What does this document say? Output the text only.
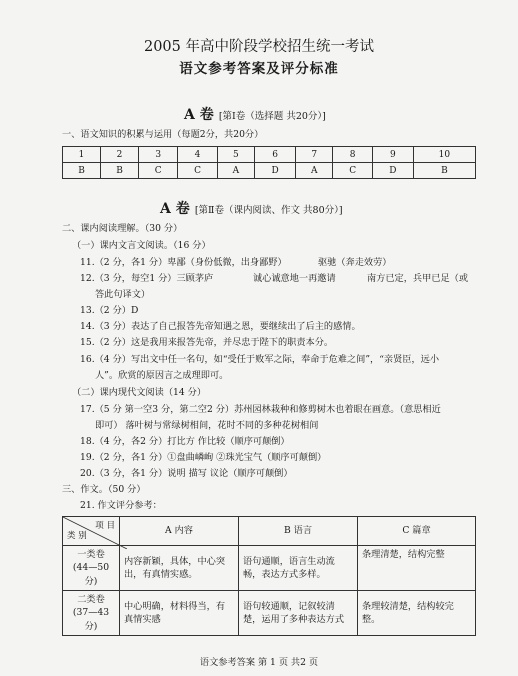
2005 年高中阶段学校招生统一考试
语文参考答案及评分标准
A 卷 [第Ⅰ卷（选择题 共20分）]
一、语文知识的积累与运用（每题2分，共20分）
1	2	3	4	5	6	7	8	9	10
B	B	C	C	A	D	A	C	D	B
A 卷 [第Ⅱ卷（课内阅读、作文 共80分）]
二、课内阅读理解。（30 分）
（一）课内文言文阅读。（16 分）
11.（2 分，各1 分）卑鄙（身份低微，出身鄙野）	驱驰（奔走效劳）
12.（3 分，每空1 分）三顾茅庐	诚心诚意地一再邀请	南方已定，兵甲已足（或
答此句译文）
13.（2 分）D
14.（3 分）表达了自己报答先帝知遇之恩，要继续出了后主的感情。
15.（2 分）这是我用来报答先帝，并尽忠于陛下的职责本分。
16.（4 分）写出文中任一名句，如“受任于败军之际，奉命于危难之间”，“亲贤臣，远小
人”。欣赏的原因言之成理即可。
（二）课内现代文阅读（14 分）
17.（5 分 第一空3 分，第二空2 分）苏州园林栽种和修剪树木也着眼在画意。（意思相近
即可） 落叶树与常绿树相间，花时不同的多种花树相间
18.（4 分，各2 分）打比方 作比较（顺序可颠倒）
19.（2 分，各1 分）①盘曲嶙峋 ②珠光宝气（顺序可颠倒）
20.（3 分，各1 分）说明 描写 议论（顺序可颠倒）
三、作文。（50 分）
21. 作文评分参考：
项 目
类 别	A 内容	B 语言	C 篇章

一类卷
(44—50 分)	内容新颖，具体，中心突出，有真情实感。	语句通顺，语言生动流畅，表达方式多样。	条理清楚，结构完整

二类卷
(37—43 分)	中心明确，材料得当，有真情实感	语句较通顺，记叙较清楚，运用了多种表达方式	条理较清楚，结构较完整。
语文参考答案 第 1 页 共2 页
